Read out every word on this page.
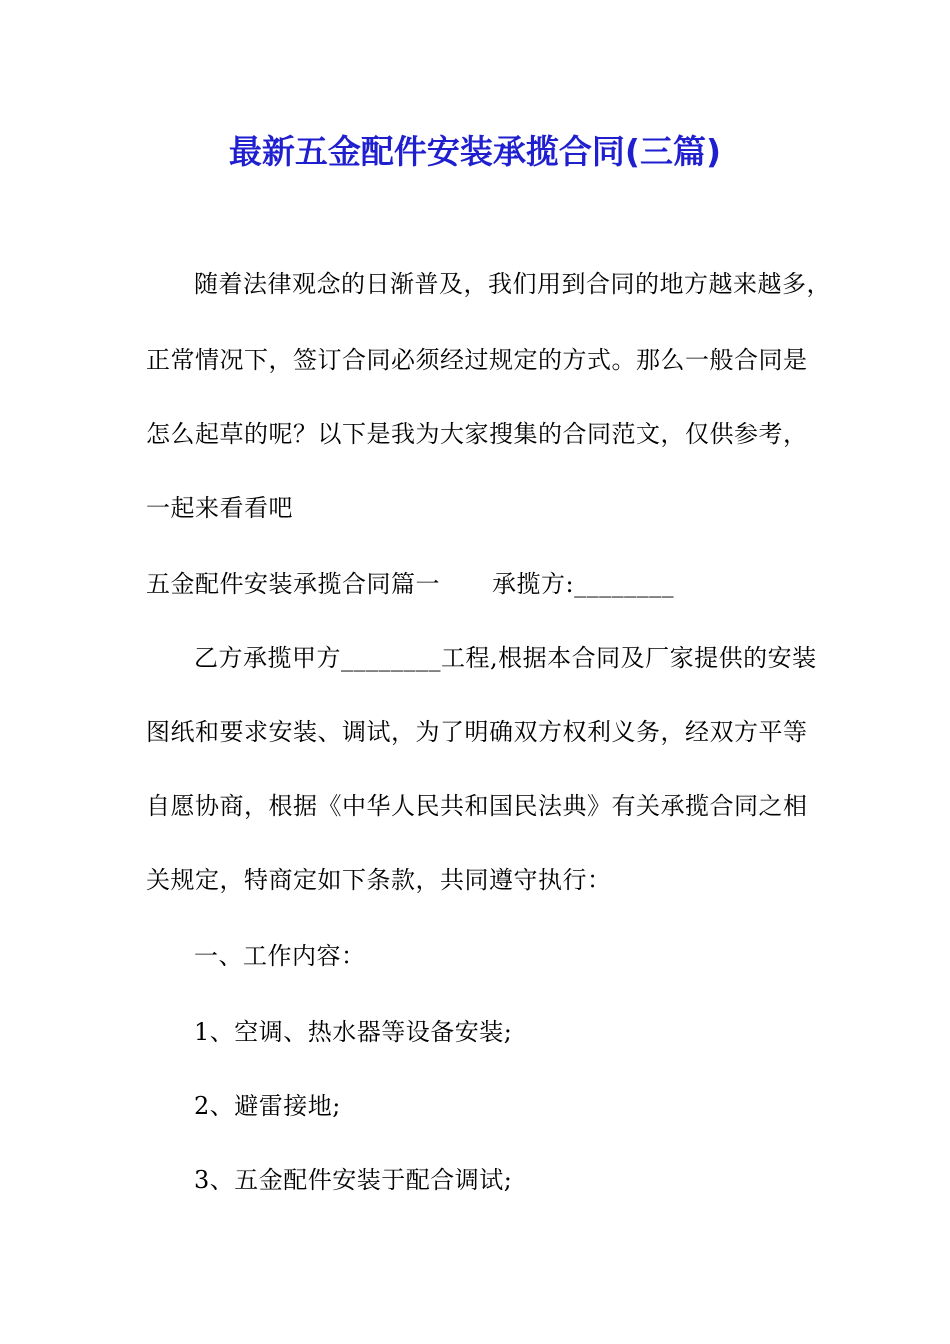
最新五金配件安装承揽合同(三篇)
随着法律观念的日渐普及，我们用到合同的地方越来越多，
正常情况下，签订合同必须经过规定的方式。那么一般合同是
怎么起草的呢？以下是我为大家搜集的合同范文，仅供参考，
一起来看看吧
五金配件安装承揽合同篇一 承揽方:________
乙方承揽甲方________工程,根据本合同及厂家提供的安装
图纸和要求安装、调试，为了明确双方权利义务，经双方平等
自愿协商，根据《中华人民共和国民法典》有关承揽合同之相
关规定，特商定如下条款，共同遵守执行：
一、工作内容：
1、空调、热水器等设备安装;
2、避雷接地;
3、五金配件安装于配合调试;
